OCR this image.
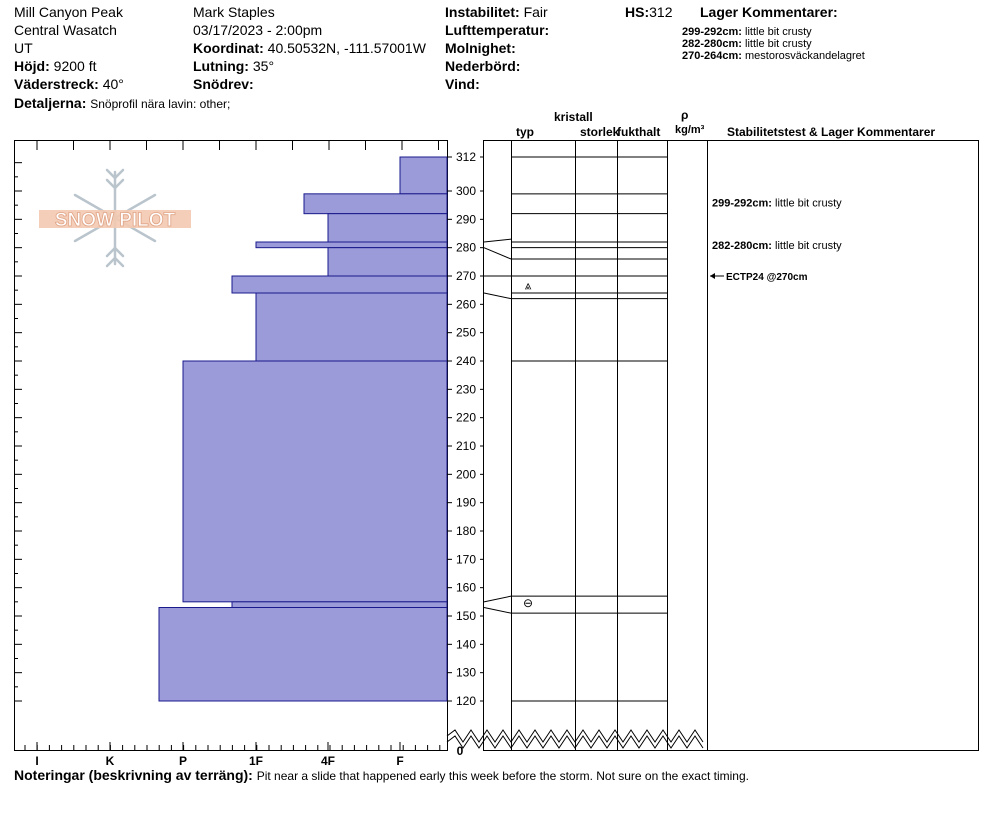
Mill Canyon Peak
Central Wasatch
UT
Höjd: 9200 ft
Väderstreck: 40°
Detaljerna: Snöprofil nära lavin: other;
Mark Staples
03/17/2023 - 2:00pm
Koordinat: 40.50532N, -111.57001W
Lutning: 35°
Snödrev:
Instabilitet: Fair
Lufttemperatur:
Molnighet:
Nederbörd:
Vind:
HS:312 Lager Kommentarer:
299-292cm: little bit crusty
282-280cm: little bit crusty
270-264cm: mestorosväckandelagret
kristall
typ	storlek
fukthalt
ρ
kg/m³ Stabilitetstest & Lager Kommentarer
SNOW PILOT
I	K	P	1F	4F	F
120
130
140
150
160
170
180
190
200
210
220
230
240
250
260
270
280
290
300
312
0
⩓
⊖
299-292cm: little bit crusty
282-280cm: little bit crusty
ECTP24 @270cm
Noteringar (beskrivning av terräng): Pit near a slide that happened early this week before the storm. Not sure on the exact timing.
